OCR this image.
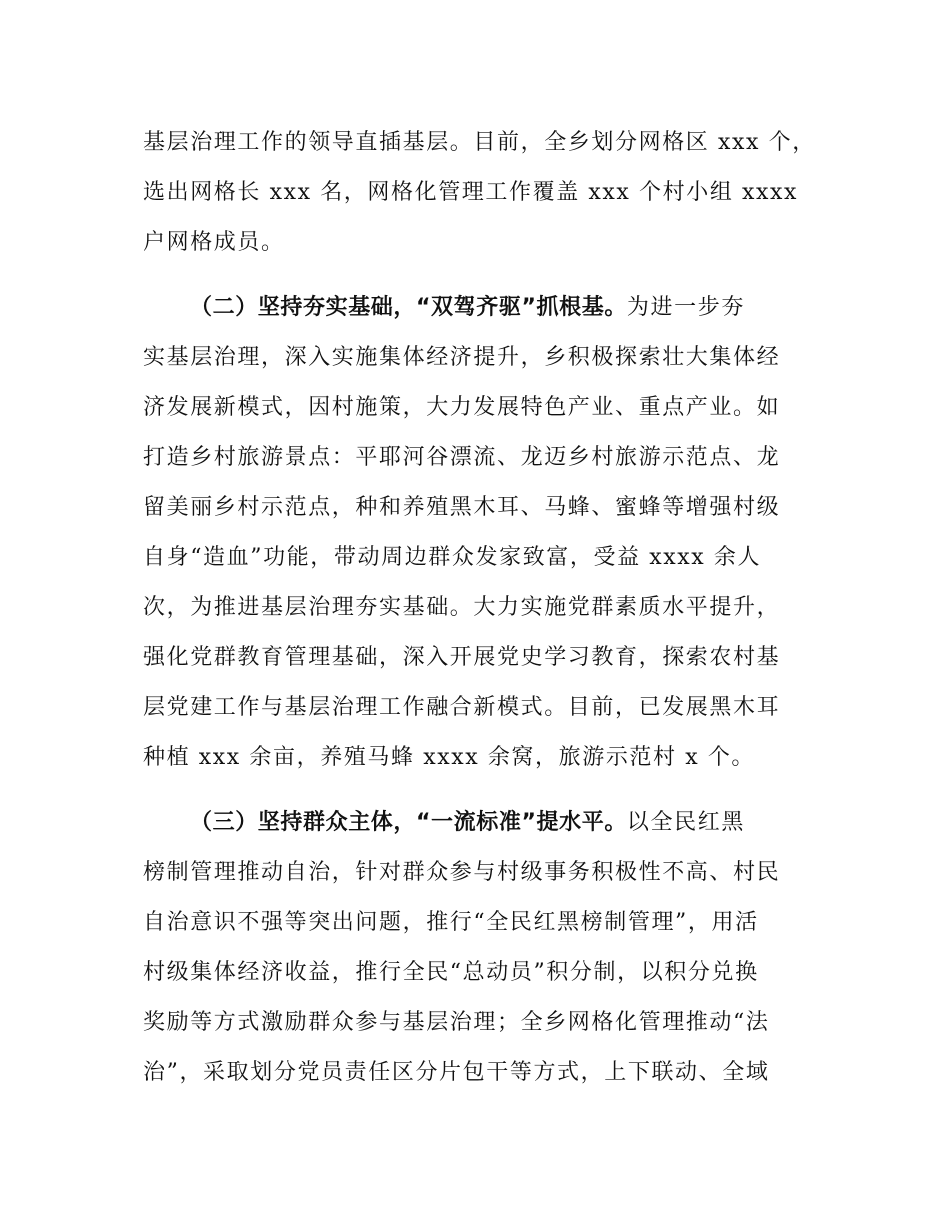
基层治理工作的领导直插基层。目前，全乡划分网格区 xxx 个，
选出网格长 xxx 名，网格化管理工作覆盖 xxx 个村小组 xxxx
户网格成员。
（二）坚持夯实基础，“双驾齐驱”抓根基。为进一步夯
实基层治理，深入实施集体经济提升，乡积极探索壮大集体经
济发展新模式，因村施策，大力发展特色产业、重点产业。如
打造乡村旅游景点：平耶河谷漂流、龙迈乡村旅游示范点、龙
留美丽乡村示范点，种和养殖黑木耳、马蜂、蜜蜂等增强村级
自身“造血”功能，带动周边群众发家致富，受益 xxxx 余人
次，为推进基层治理夯实基础。大力实施党群素质水平提升，
强化党群教育管理基础，深入开展党史学习教育，探索农村基
层党建工作与基层治理工作融合新模式。目前，已发展黑木耳
种植 xxx 余亩，养殖马蜂 xxxx 余窝，旅游示范村 x 个。
（三）坚持群众主体，“一流标准”提水平。以全民红黑
榜制管理推动自治，针对群众参与村级事务积极性不高、村民
自治意识不强等突出问题，推行“全民红黑榜制管理”，用活
村级集体经济收益，推行全民“总动员”积分制，以积分兑换
奖励等方式激励群众参与基层治理；全乡网格化管理推动“法
治”，采取划分党员责任区分片包干等方式，上下联动、全域
